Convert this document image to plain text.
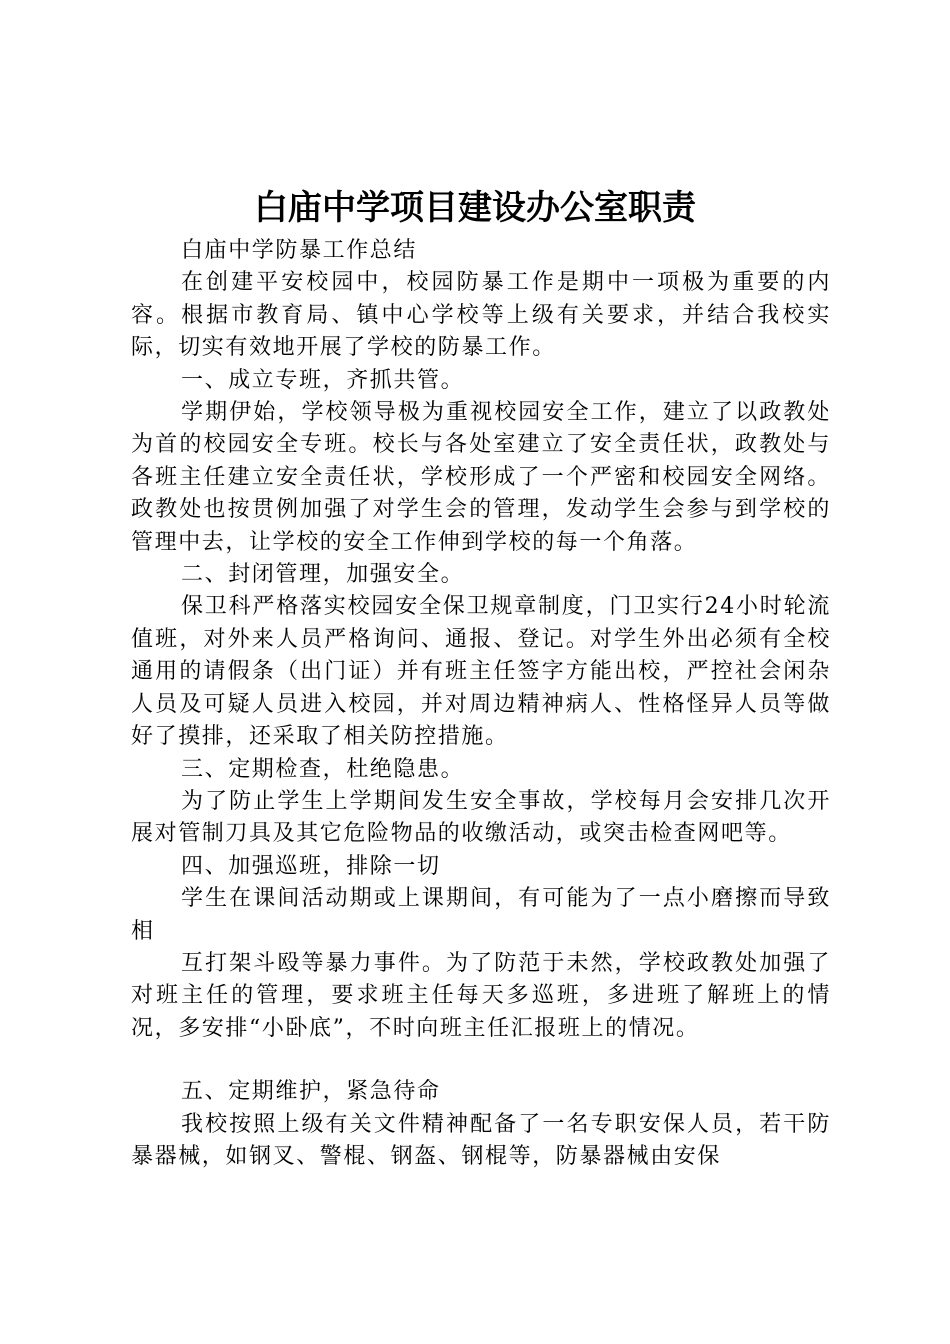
白庙中学项目建设办公室职责

白庙中学防暴工作总结

在创建平安校园中，校园防暴工作是期中一项极为重要的内容。根据市教育局、镇中心学校等上级有关要求，并结合我校实际，切实有效地开展了学校的防暴工作。

一、成立专班，齐抓共管。

学期伊始，学校领导极为重视校园安全工作，建立了以政教处为首的校园安全专班。校长与各处室建立了安全责任状，政教处与各班主任建立安全责任状，学校形成了一个严密和校园安全网络。政教处也按贯例加强了对学生会的管理，发动学生会参与到学校的管理中去，让学校的安全工作伸到学校的每一个角落。

二、封闭管理，加强安全。

保卫科严格落实校园安全保卫规章制度，门卫实行24小时轮流值班，对外来人员严格询问、通报、登记。对学生外出必须有全校通用的请假条（出门证）并有班主任签字方能出校，严控社会闲杂人员及可疑人员进入校园，并对周边精神病人、性格怪异人员等做好了摸排，还采取了相关防控措施。

三、定期检查，杜绝隐患。

为了防止学生上学期间发生安全事故，学校每月会安排几次开展对管制刀具及其它危险物品的收缴活动，或突击检查网吧等。

四、加强巡班，排除一切

学生在课间活动期或上课期间，有可能为了一点小磨擦而导致相

互打架斗殴等暴力事件。为了防范于未然，学校政教处加强了对班主任的管理，要求班主任每天多巡班，多进班了解班上的情况，多安排“小卧底”，不时向班主任汇报班上的情况。

五、定期维护，紧急待命

我校按照上级有关文件精神配备了一名专职安保人员，若干防暴器械，如钢叉、警棍、钢盔、钢棍等，防暴器械由安保
